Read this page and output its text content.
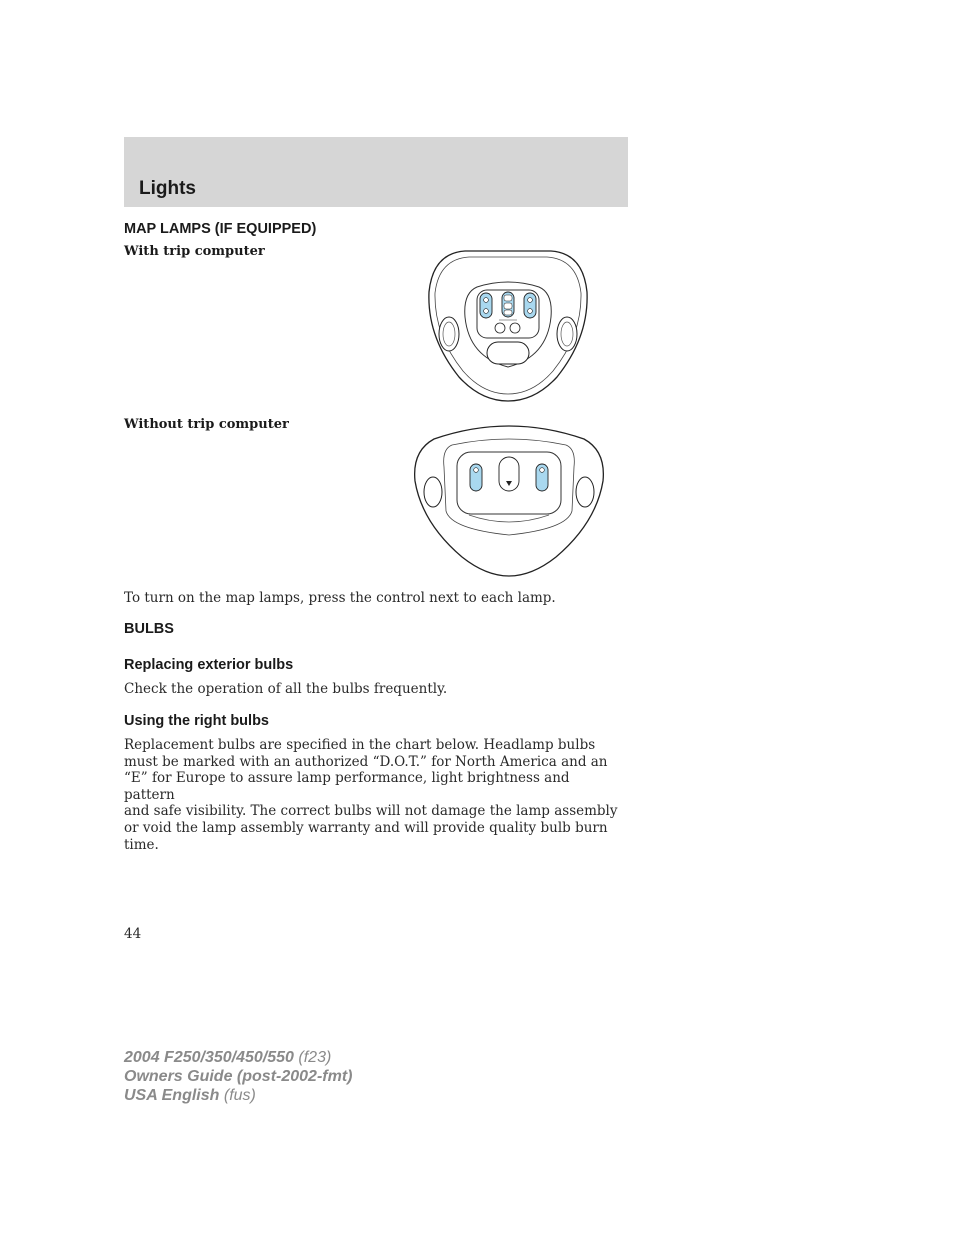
Lights
MAP LAMPS (IF EQUIPPED)
With trip computer
Without trip computer
To turn on the map lamps, press the control next to each lamp.
BULBS
Replacing exterior bulbs
Check the operation of all the bulbs frequently.
Using the right bulbs
Replacement bulbs are specified in the chart below. Headlamp bulbs
must be marked with an authorized “D.O.T.” for North America and an
“E” for Europe to assure lamp performance, light brightness and pattern
and safe visibility. The correct bulbs will not damage the lamp assembly
or void the lamp assembly warranty and will provide quality bulb burn
time.
44
2004 F250/350/450/550 (f23)
Owners Guide (post-2002-fmt)
USA English (fus)
